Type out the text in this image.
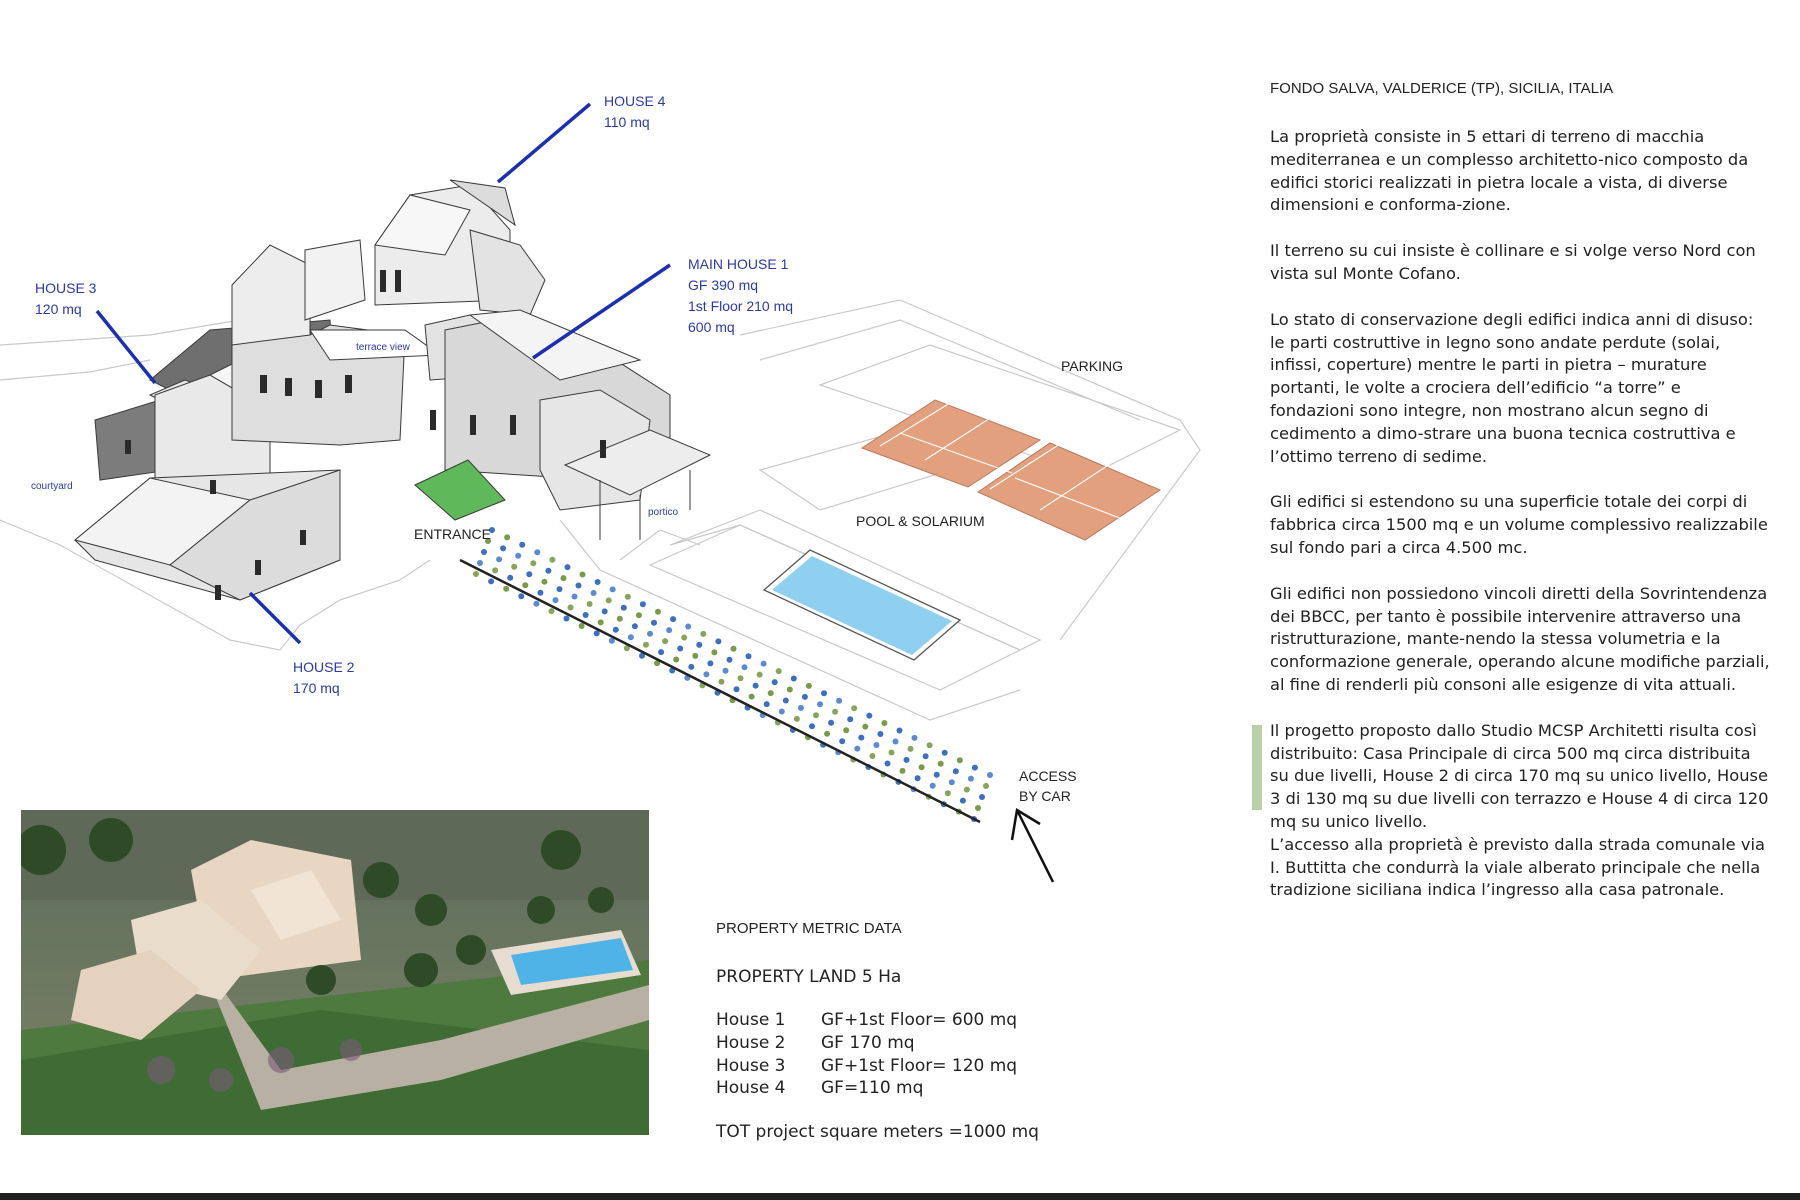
HOUSE 4
110 mq
HOUSE 3
120 mq
MAIN HOUSE 1
GF 390 mq
1st Floor 210 mq
600 mq
HOUSE 2
170 mq
terrace view
courtyard
portico
ENTRANCE
PARKING
POOL & SOLARIUM
ACCESS
BY CAR
PROPERTY METRIC DATA
PROPERTY LAND 5 Ha
House 1	GF+1st Floor= 600 mq
House 2	GF 170 mq
House 3	GF+1st Floor= 120 mq
House 4	GF=110 mq
TOT project square meters =1000 mq
FONDO SALVA, VALDERICE (TP), SICILIA, ITALIA

La proprietà consiste in 5 ettari di terreno di macchia mediterranea e un complesso architetto-nico composto da edifici storici realizzati in pietra locale a vista, di diverse dimensioni e conforma-zione.

Il terreno su cui insiste è collinare e si volge verso Nord con vista sul Monte Cofano.

Lo stato di conservazione degli edifici indica anni di disuso: le parti costruttive in legno sono andate perdute (solai, infissi, coperture) mentre le parti in pietra – murature portanti, le volte a crociera dell’edificio “a torre” e fondazioni sono integre, non mostrano alcun segno di cedimento a dimo-strare una buona tecnica costruttiva e l’ottimo terreno di sedime.

Gli edifici si estendono su una superficie totale dei corpi di fabbrica circa 1500 mq e un volume complessivo realizzabile sul fondo pari a circa 4.500 mc.

Gli edifici non possiedono vincoli diretti della Sovrintendenza dei BBCC, per tanto è possibile intervenire attraverso una ristrutturazione, mante-nendo la stessa volumetria e la conformazione generale, operando alcune modifiche parziali, al fine di renderli più consoni alle esigenze di vita attuali.

Il progetto proposto dallo Studio MCSP Architetti risulta così distribuito: Casa Principale di circa 500 mq circa distribuita su due livelli, House 2 di circa 170 mq su unico livello, House 3 di 130 mq su due livelli con terrazzo e House 4 di circa 120 mq su unico livello.

L’accesso alla proprietà è previsto dalla strada comunale via I. Buttitta che condurrà la viale alberato principale che nella tradizione siciliana indica l’ingresso alla casa patronale.
